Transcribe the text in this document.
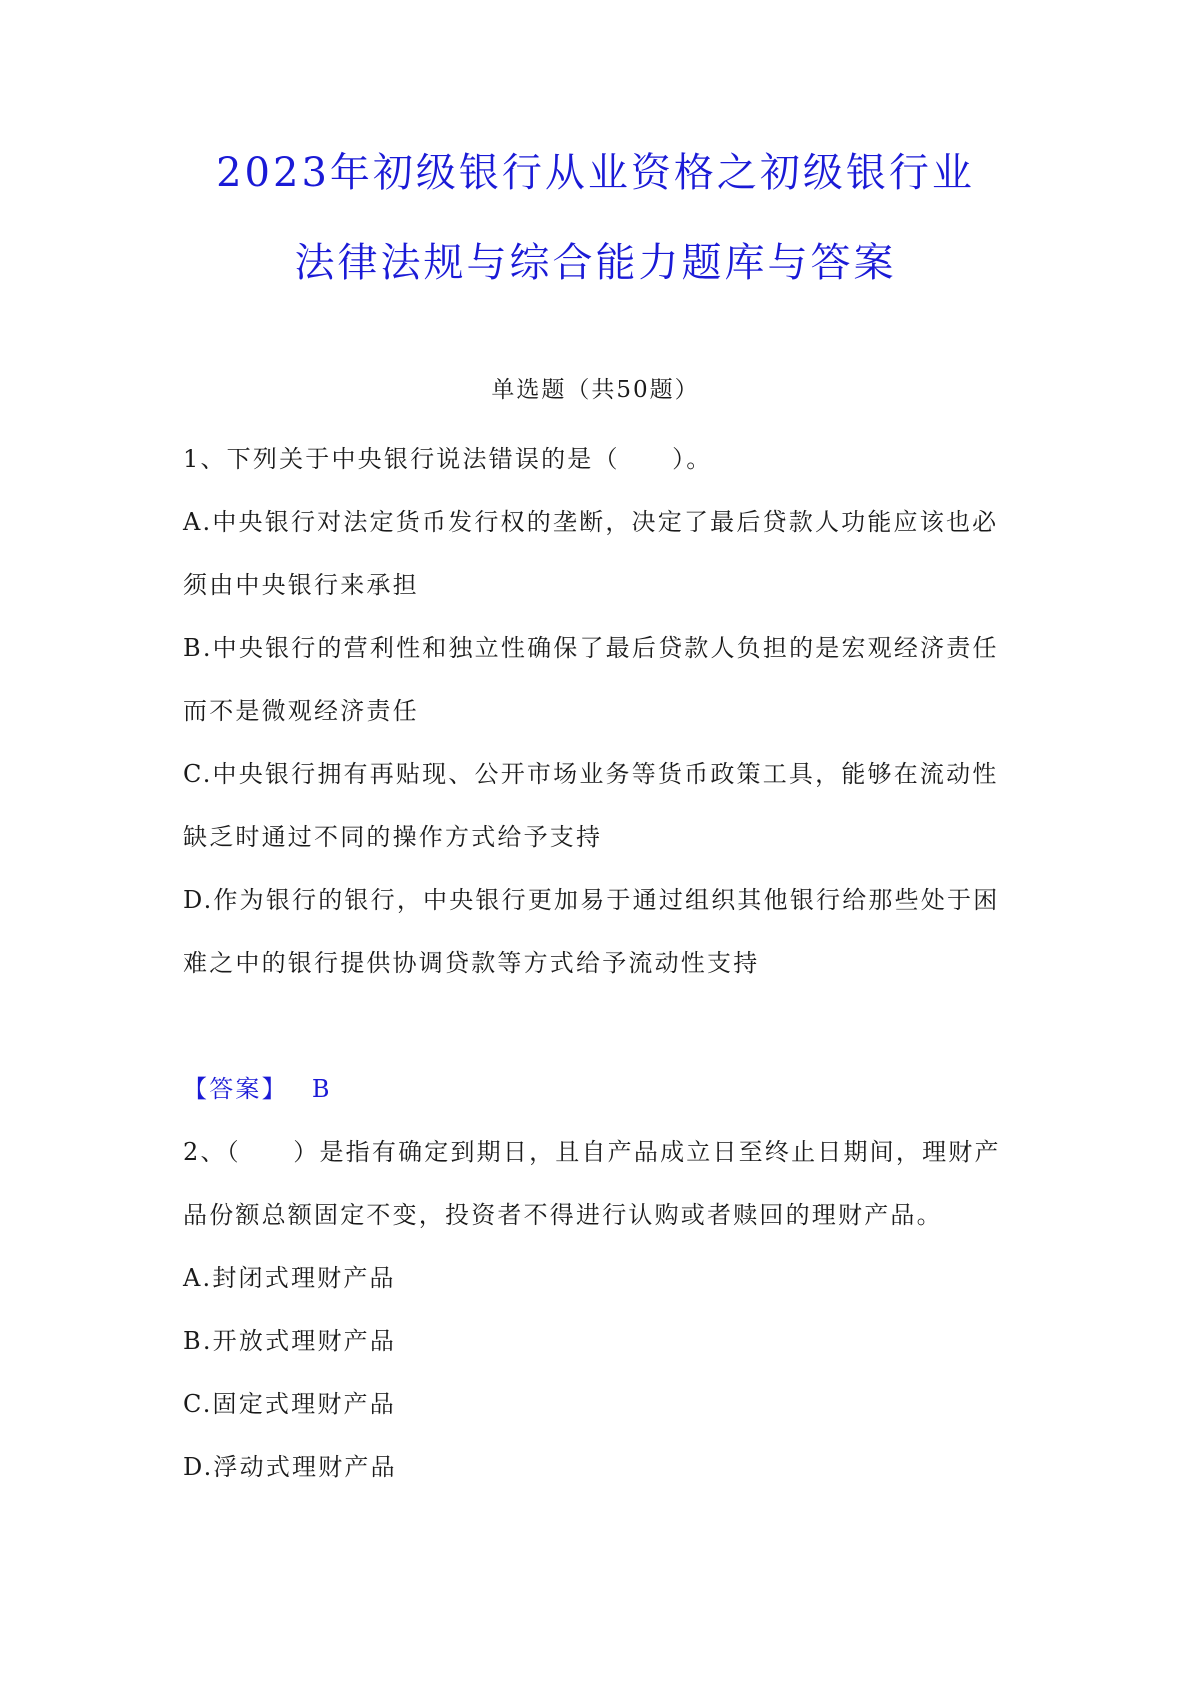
2023年初级银行从业资格之初级银行业
法律法规与综合能力题库与答案
单选题（共50题）

1、下列关于中央银行说法错误的是（　　）。

A.中央银行对法定货币发行权的垄断，决定了最后贷款人功能应该也必须由中央银行来承担

B.中央银行的营利性和独立性确保了最后贷款人负担的是宏观经济责任而不是微观经济责任

C.中央银行拥有再贴现、公开市场业务等货币政策工具，能够在流动性缺乏时通过不同的操作方式给予支持

D.作为银行的银行，中央银行更加易于通过组织其他银行给那些处于困难之中的银行提供协调贷款等方式给予流动性支持

【答案】 B

2、（　　）是指有确定到期日，且自产品成立日至终止日期间，理财产品份额总额固定不变，投资者不得进行认购或者赎回的理财产品。

A.封闭式理财产品

B.开放式理财产品

C.固定式理财产品

D.浮动式理财产品
